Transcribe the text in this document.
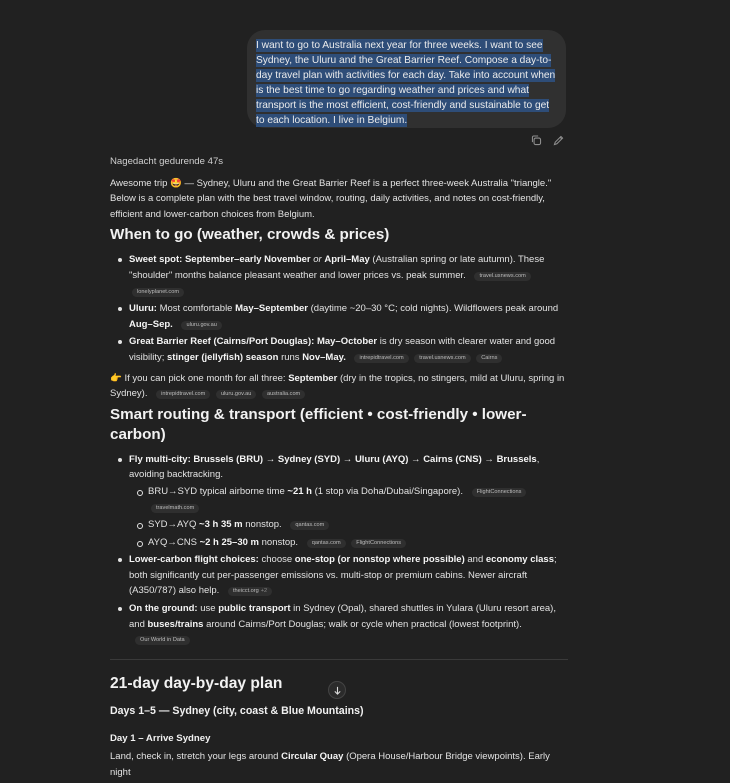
I want to go to Australia next year for three weeks. I want to see Sydney, the Uluru and the Great Barrier Reef. Compose a day-to-day travel plan with activities for each day. Take into account when is the best time to go regarding weather and prices and what transport is the most efficient, cost-friendly and sustainable to get to each location. I live in Belgium.
Nagedacht gedurende 47s

Awesome trip 🤩 — Sydney, Uluru and the Great Barrier Reef is a perfect three-week Australia "triangle." Below is a complete plan with the best travel window, routing, daily activities, and notes on cost-friendly, efficient and lower-carbon choices from Belgium.

When to go (weather, crowds & prices)
Sweet spot: September–early November or April–May (Australian spring or late autumn). These "shoulder" months balance pleasant weather and lower prices vs. peak summer. travel.usnews.com lonelyplanet.com
Uluru: Most comfortable May–September (daytime ~20–30 °C; cold nights). Wildflowers peak around Aug–Sep. uluru.gov.au
Great Barrier Reef (Cairns/Port Douglas): May–October is dry season with clearer water and good visibility; stinger (jellyfish) season runs Nov–May. intrepidtravel.com	travel.usnews.com	Cairns

👉 If you can pick one month for all three: September (dry in the tropics, no stingers, mild at Uluru, spring in Sydney). intrepidtravel.com	uluru.gov.au	australia.com

Smart routing & transport (efficient • cost-friendly • lower-carbon)
Fly multi-city: Brussels (BRU) → Sydney (SYD) → Uluru (AYQ) → Cairns (CNS) → Brussels, avoiding backtracking.
BRU→SYD typical airborne time ~21 h (1 stop via Doha/Dubai/Singapore). FlightConnections travelmath.com
SYD→AYQ ~3 h 35 m nonstop. qantas.com
AYQ→CNS ~2 h 25–30 m nonstop. qantas.com	FlightConnections
Lower-carbon flight choices: choose one-stop (or nonstop where possible) and economy class; both significantly cut per-passenger emissions vs. multi-stop or premium cabins. Newer aircraft (A350/787) also help. theicct.org +2
On the ground: use public transport in Sydney (Opal), shared shuttles in Yulara (Uluru resort area), and buses/trains around Cairns/Port Douglas; walk or cycle when practical (lowest footprint). Our World in Data
21-day day-by-day plan
Days 1–5 — Sydney (city, coast & Blue Mountains)
Day 1 – Arrive Sydney

Land, check in, stretch your legs around Circular Quay (Opera House/Harbour Bridge viewpoints). Early night
